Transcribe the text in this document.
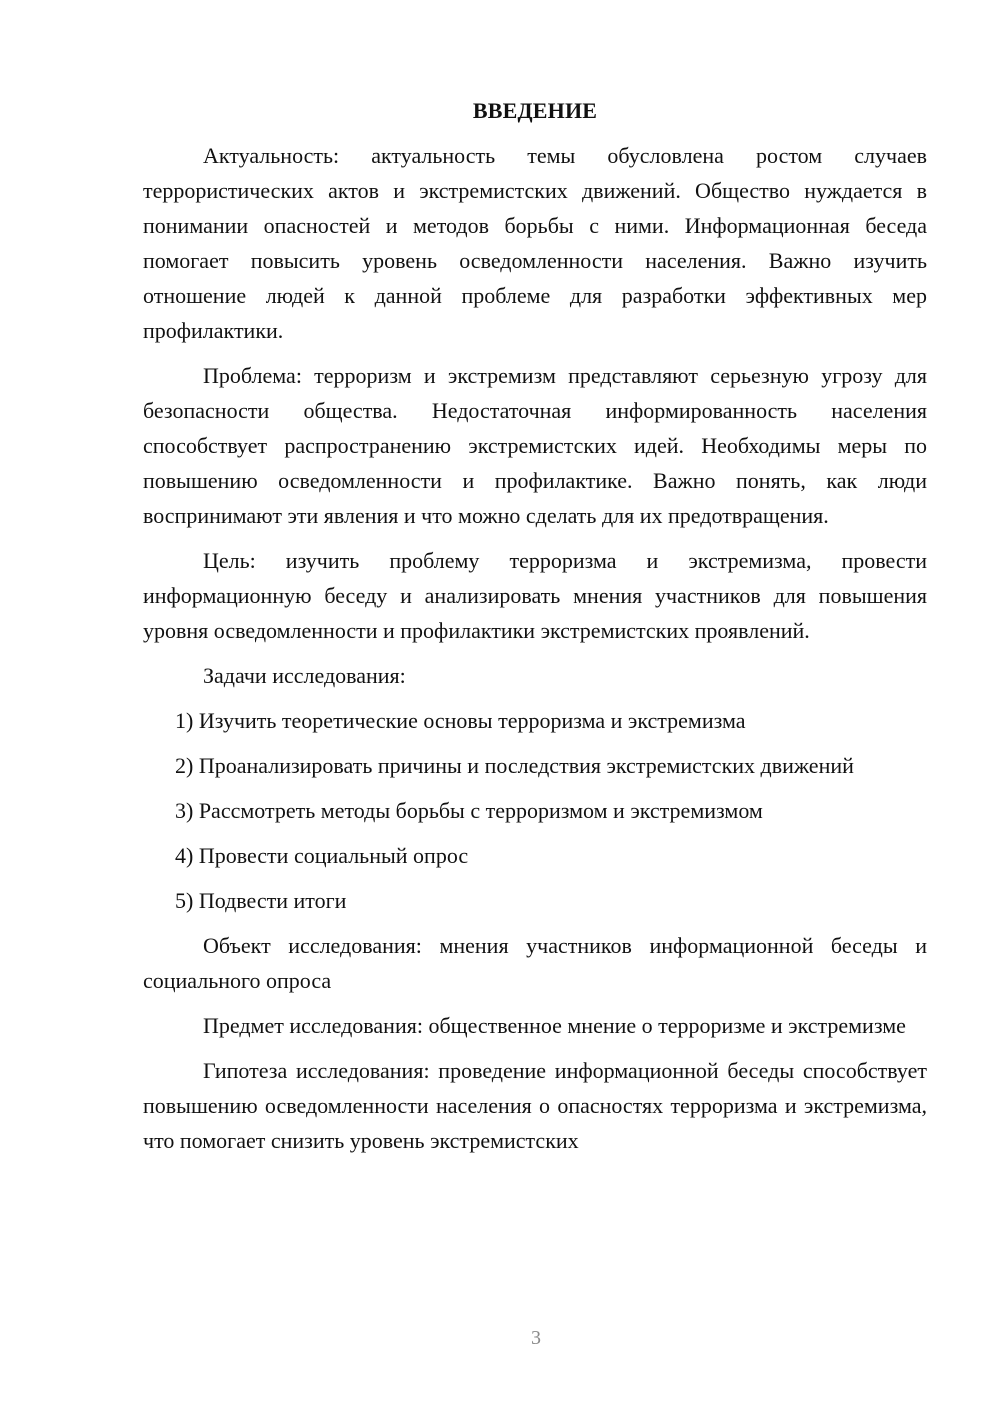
ВВЕДЕНИЕ

Актуальность: актуальность темы обусловлена ростом случаев террористических актов и экстремистских движений. Общество нуждается в понимании опасностей и методов борьбы с ними. Информационная беседа помогает повысить уровень осведомленности населения. Важно изучить отношение людей к данной проблеме для разработки эффективных мер профилактики.

Проблема: терроризм и экстремизм представляют серьезную угрозу для безопасности общества. Недостаточная информированность населения способствует распространению экстремистских идей. Необходимы меры по повышению осведомленности и профилактике. Важно понять, как люди воспринимают эти явления и что можно сделать для их предотвращения.

Цель: изучить проблему терроризма и экстремизма, провести информационную беседу и анализировать мнения участников для повышения уровня осведомленности и профилактики экстремистских проявлений.

Задачи исследования:

1) Изучить теоретические основы терроризма и экстремизма

2) Проанализировать причины и последствия экстремистских движений

3) Рассмотреть методы борьбы с терроризмом и экстремизмом

4) Провести социальный опрос

5) Подвести итоги

Объект исследования: мнения участников информационной беседы и социального опроса

Предмет исследования: общественное мнение о терроризме и экстремизме

Гипотеза исследования: проведение информационной беседы способствует повышению осведомленности населения о опасностях терроризма и экстремизма, что помогает снизить уровень экстремистских

3
